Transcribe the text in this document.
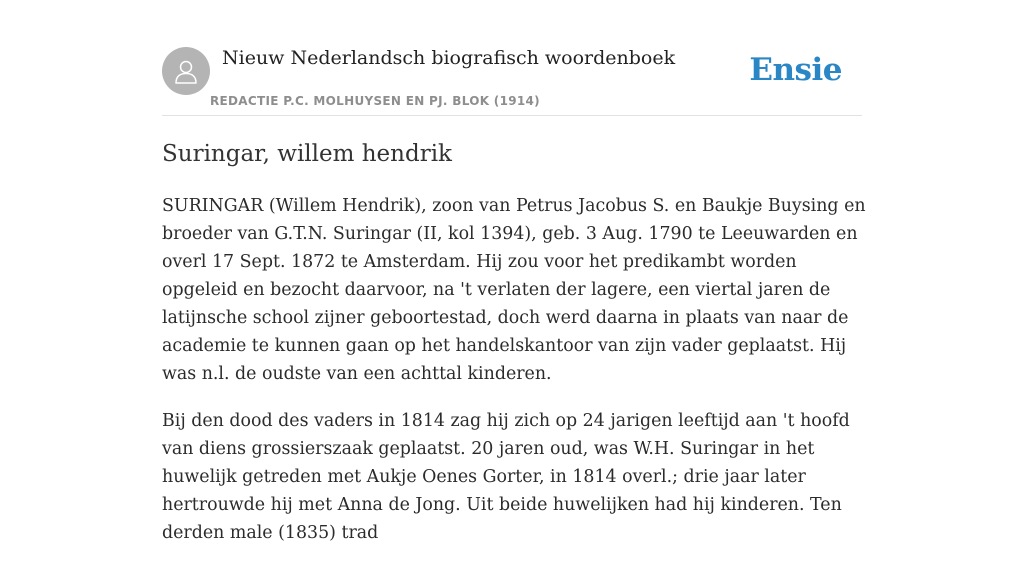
Nieuw Nederlandsch biografisch woordenboek
REDACTIE P.C. MOLHUYSEN EN PJ. BLOK (1914)
Ensie
Suringar, willem hendrik

SURINGAR (Willem Hendrik), zoon van Petrus Jacobus S. en Baukje Buysing en broeder van G.T.N. Suringar (II, kol 1394), geb. 3 Aug. 1790 te Leeuwarden en overl 17 Sept. 1872 te Amsterdam. Hij zou voor het predikambt worden opgeleid en bezocht daarvoor, na 't verlaten der lagere, een viertal jaren de latijnsche school zijner geboortestad, doch werd daarna in plaats van naar de academie te kunnen gaan op het handelskantoor van zijn vader geplaatst. Hij was n.l. de oudste van een achttal kinderen.

Bij den dood des vaders in 1814 zag hij zich op 24 jarigen leeftijd aan 't hoofd van diens grossierszaak geplaatst. 20 jaren oud, was W.H. Suringar in het huwelijk getreden met Aukje Oenes Gorter, in 1814 overl.; drie jaar later hertrouwde hij met Anna de Jong. Uit beide huwelijken had hij kinderen. Ten derden male (1835) trad
